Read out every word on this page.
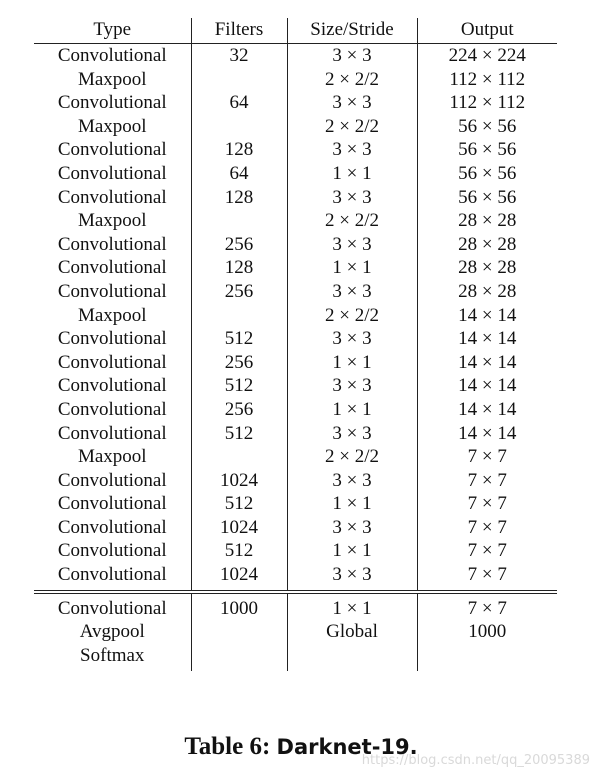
Type	Filters	Size/Stride	Output
Convolutional	32	3 × 3	224 × 224
Maxpool		2 × 2/2	112 × 112
Convolutional	64	3 × 3	112 × 112
Maxpool		2 × 2/2	56 × 56
Convolutional	128	3 × 3	56 × 56
Convolutional	64	1 × 1	56 × 56
Convolutional	128	3 × 3	56 × 56
Maxpool		2 × 2/2	28 × 28
Convolutional	256	3 × 3	28 × 28
Convolutional	128	1 × 1	28 × 28
Convolutional	256	3 × 3	28 × 28
Maxpool		2 × 2/2	14 × 14
Convolutional	512	3 × 3	14 × 14
Convolutional	256	1 × 1	14 × 14
Convolutional	512	3 × 3	14 × 14
Convolutional	256	1 × 1	14 × 14
Convolutional	512	3 × 3	14 × 14
Maxpool		2 × 2/2	7 × 7
Convolutional	1024	3 × 3	7 × 7
Convolutional	512	1 × 1	7 × 7
Convolutional	1024	3 × 3	7 × 7
Convolutional	512	1 × 1	7 × 7
Convolutional	1024	3 × 3	7 × 7
Convolutional	1000	1 × 1	7 × 7
Avgpool		Global	1000
Softmax			
Table 6: Darknet-19.
https://blog.csdn.net/qq_20095389
